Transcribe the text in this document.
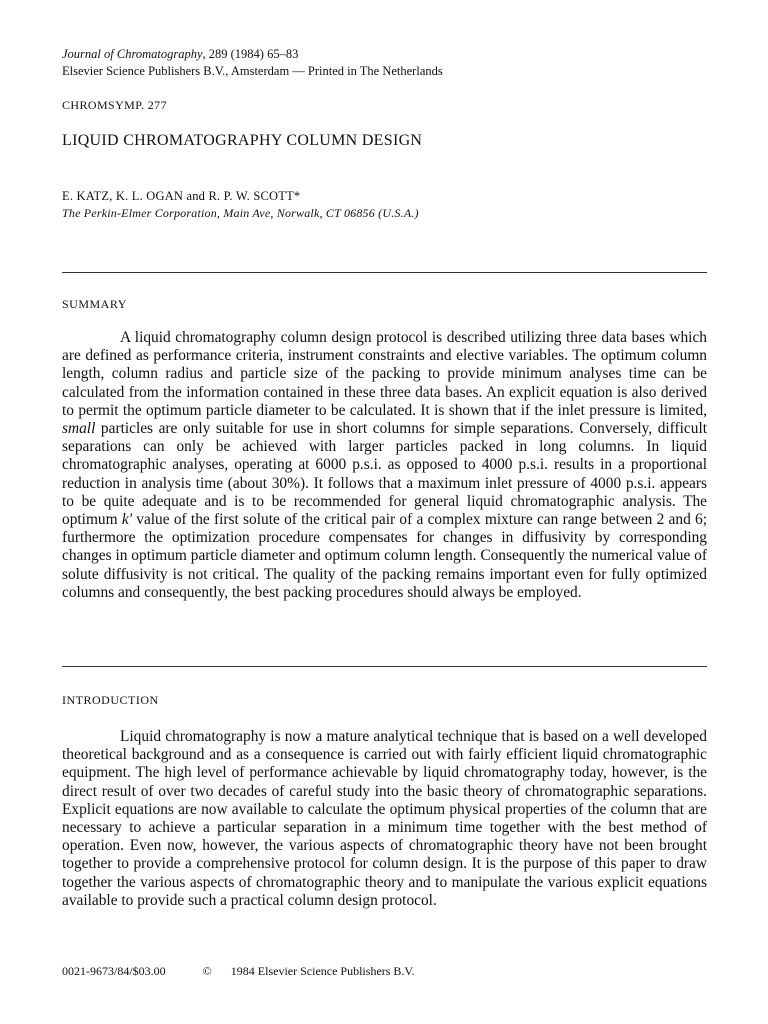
Journal of Chromatography, 289 (1984) 65–83
Elsevier Science Publishers B.V., Amsterdam — Printed in The Netherlands
CHROMSYMP. 277
LIQUID CHROMATOGRAPHY COLUMN DESIGN
E. KATZ, K. L. OGAN and R. P. W. SCOTT*
The Perkin-Elmer Corporation, Main Ave, Norwalk, CT 06856 (U.S.A.)
SUMMARY

A liquid chromatography column design protocol is described utilizing three data bases which are defined as performance criteria, instrument constraints and elective variables. The optimum column length, column radius and particle size of the packing to provide minimum analyses time can be calculated from the information contained in these three data bases. An explicit equation is also derived to permit the optimum particle diameter to be calculated. It is shown that if the inlet pressure is limited, small particles are only suitable for use in short columns for simple separations. Conversely, difficult separations can only be achieved with larger particles packed in long columns. In liquid chromatographic analyses, operating at 6000 p.s.i. as opposed to 4000 p.s.i. results in a proportional reduction in analysis time (about 30%). It follows that a maximum inlet pressure of 4000 p.s.i. appears to be quite adequate and is to be recommended for general liquid chromatographic analysis. The optimum k' value of the first solute of the critical pair of a complex mixture can range between 2 and 6; furthermore the optimization procedure compensates for changes in diffusivity by corresponding changes in optimum particle diameter and optimum column length. Consequently the numerical value of solute diffusivity is not critical. The quality of the packing remains important even for fully optimized columns and consequently, the best packing procedures should always be employed.

INTRODUCTION

Liquid chromatography is now a mature analytical technique that is based on a well developed theoretical background and as a consequence is carried out with fairly efficient liquid chromatographic equipment. The high level of performance achievable by liquid chromatography today, however, is the direct result of over two decades of careful study into the basic theory of chromatographic separations. Explicit equations are now available to calculate the optimum physical properties of the column that are necessary to achieve a particular separation in a minimum time together with the best method of operation. Even now, however, the various aspects of chromatographic theory have not been brought together to provide a comprehensive protocol for column design. It is the purpose of this paper to draw together the various aspects of chromatographic theory and to manipulate the various explicit equations available to provide such a practical column design protocol.

0021-9673/84/$03.00	© 1984 Elsevier Science Publishers B.V.
